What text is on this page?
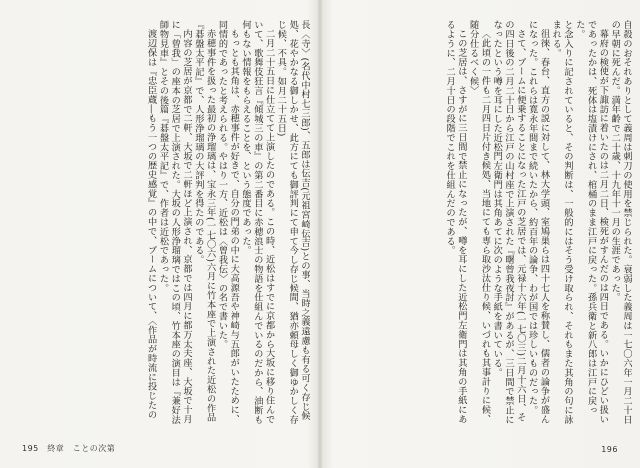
長〈寺〉(名代中村七三郎)、五郎は伝吉(元祖宮崎伝吉)との事、当時之義遠慮も有る可く存じ候処、花やかなる御しかせ、此方にても御評判にて申て今し存じ候間、猶亦頼母しく御ゆかしく存じ候、不具。如月二十五日)

二月二十五日に仕立てて上演したのである。この時、近松はすでに京都から大坂に移り住んでいて、歌舞伎狂言『傾城三の車』の第二番目に赤穂浪士の物語を仕組んでいるのだから、油断も何もない情報をもらえることを、という態度であった。

もっとも其角は、赤穂事件が好きで、自分の門弟の中に大高源吾や神崎与五郎がいたために、同情的であったと考えられる。やはり一方、近松は〈曾我伝〉の名で書いた。

赤穂事件を扱った最初の浄瑠璃は、宝永三年(一七〇六)六月に竹本座で上演された近松の作品『碁盤太平記』で、人形浄瑠璃の大評判を得たのである。

内容の芝居が京都で二軒、大坂で二軒ほど上演され、京都では四月に都万太夫座、大坂で十月に「曾我」の座本の芝居で上演された。大坂の人形浄瑠璃ではこの頃、竹本座の演目は『兼好法師物見車』とその後篇『碁盤太平記』で、作者は近松であった。

渡辺保は『忠臣蔵―もう一つの歴史感覚』の中で、ブームについて、〈作品が時流に投じたの

195　終章　ことの次第

自殺のおそれありとして義周は刺刀の使用を禁じられた。衰弱した義周は一七〇六年一月二十日の早朝に死んだ。満年齢で二十歳、十九年十一月の生涯であった。

幕府の検使が下諏訪に着いたのは二月二日、検死がすんだのは四日である。いかにひどい扱いであったかは、死体は塩漬けにされ、棺桶のまま江戸に戻った。孫兵衛と新八郎は江戸に戻った。

と念入りに記されていると、その判断は、一般的にはそう受け取られ、それもまた其角の句に詠まれる。

徂徠、春台、直方の説に対して、林大学頭、室鳩巣らは四十七人を称賛し、儒者の論争が盛んになった。これらは寛永年間まで続いたから、約百年の論争、わが国では珍しいものだった。

さて、ブームに便乗することになった江戸の芝居では、元禄十六年(一七〇三)二月十六日、その四日後の二月二十日から江戸の山村座で上演された『曙曾我夜討』があるが、三日間で禁止になったという噂を耳にした近松門左衛門は其角あてに次のような手紙を書いている。

〈此頃の一件も二月四日片付き候処、当地にても専ら取沙汰仕り候、いづれも其事計りに候、随分仕るべく候〉

この芝居は、さすがに三日間で禁止になったが、噂を耳にした近松門左衛門は其角の手紙にあるように、二月十日の段階でこれを仕組んだのである。

196
